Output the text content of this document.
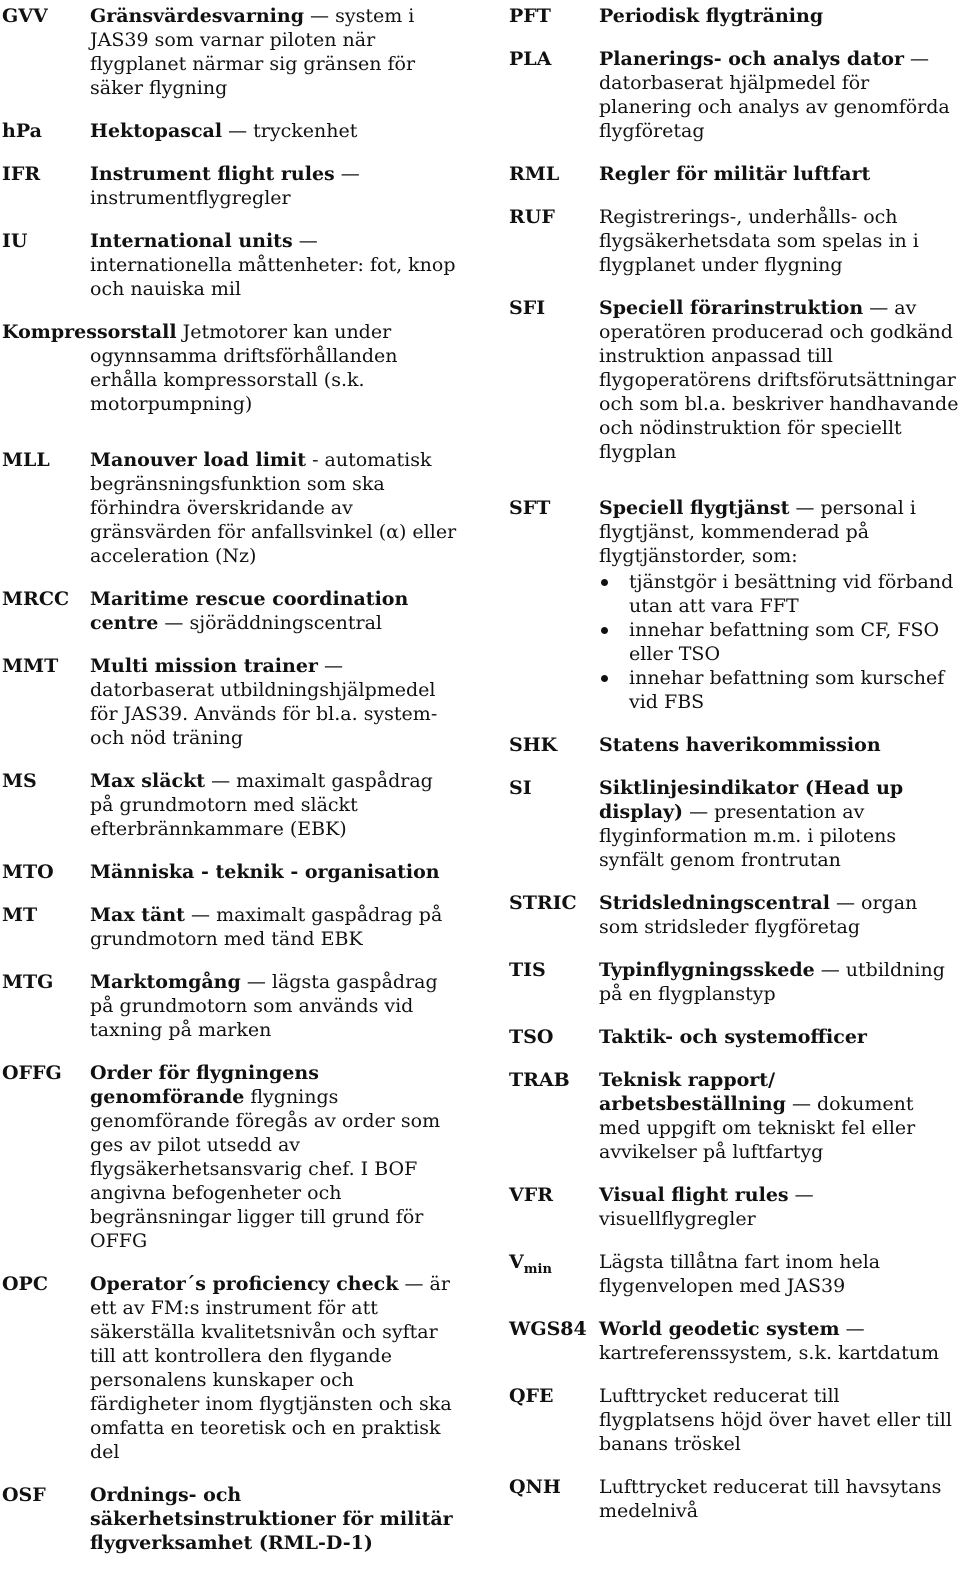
GVV	Gränsvärdesvarning — system i JAS39 som varnar piloten när flygplanet närmar sig gränsen för säker flygning
hPa	Hektopascal — tryckenhet
IFR	Instrument flight rules — instrumentflygregler
IU	International units — internationella måttenheter: fot, knop och nauiska mil
Kompressorstall Jetmotorer kan under ogynnsamma driftsförhållanden erhålla kompressorstall (s.k. motorpumpning)
MLL	Manouver load limit - automatisk begränsningsfunktion som ska förhindra överskridande av gränsvärden för anfallsvinkel (α) eller acceleration (Nz)
MRCC	Maritime rescue coordination centre — sjöräddningscentral
MMT	Multi mission trainer — datorbaserat utbildningshjälpmedel för JAS39. Används för bl.a. system- och nöd träning
MS	Max släckt — maximalt gaspådrag på grundmotorn med släckt efterbrännkammare (EBK)
MTO	Människa - teknik - organisation
MT	Max tänt — maximalt gaspådrag på grundmotorn med tänd EBK
MTG	Marktomgång — lägsta gaspådrag på grundmotorn som används vid taxning på marken
OFFG	Order för flygningens genomförande flygnings genomförande föregås av order som ges av pilot utsedd av flygsäkerhetsansvarig chef. I BOF angivna befogenheter och begränsningar ligger till grund för OFFG
OPC	Operator´s proficiency check — är ett av FM:s instrument för att säkerställa kvalitetsnivån och syftar till att kontrollera den flygande personalens kunskaper och färdigheter inom flygtjänsten och ska omfatta en teoretisk och en praktisk del
OSF	Ordnings- och säkerhetsinstruktioner för militär flygverksamhet (RML-D-1)
PFT	Periodisk flygträning
PLA	Planerings- och analys dator — datorbaserat hjälpmedel för planering och analys av genomförda flygföretag
RML	Regler för militär luftfart
RUF	Registrerings-, underhålls- och flygsäkerhetsdata som spelas in i flygplanet under flygning
SFI	Speciell förarinstruktion — av operatören producerad och godkänd instruktion anpassad till flygoperatörens driftsförutsättningar och som bl.a. beskriver handhavande och nödinstruktion för speciellt flygplan
SFT	Speciell flygtjänst — personal i flygtjänst, kommenderad på flygtjänstorder, som:
tjänstgör i besättning vid förband utan att vara FFT
innehar befattning som CF, FSO eller TSO
innehar befattning som kurschef vid FBS
SHK	Statens haverikommission
SI	Siktlinjesindikator (Head up display) — presentation av flyginformation m.m. i pilotens synfält genom frontrutan
STRIC	Stridsledningscentral — organ som stridsleder flygföretag
TIS	Typinflygningsskede — utbildning på en flygplanstyp
TSO	Taktik- och systemofficer
TRAB	Teknisk rapport/ arbetsbeställning — dokument med uppgift om tekniskt fel eller avvikelser på luftfartyg
VFR	Visual flight rules — visuellflygregler
$V_{min}$	Lägsta tillåtna fart inom hela flygenvelopen med JAS39
WGS84 World geodetic system — kartreferenssystem, s.k. kartdatum
QFE	Lufttrycket reducerat till flygplatsens höjd över havet eller till banans tröskel
QNH	Lufttrycket reducerat till havsytans medelnivå
